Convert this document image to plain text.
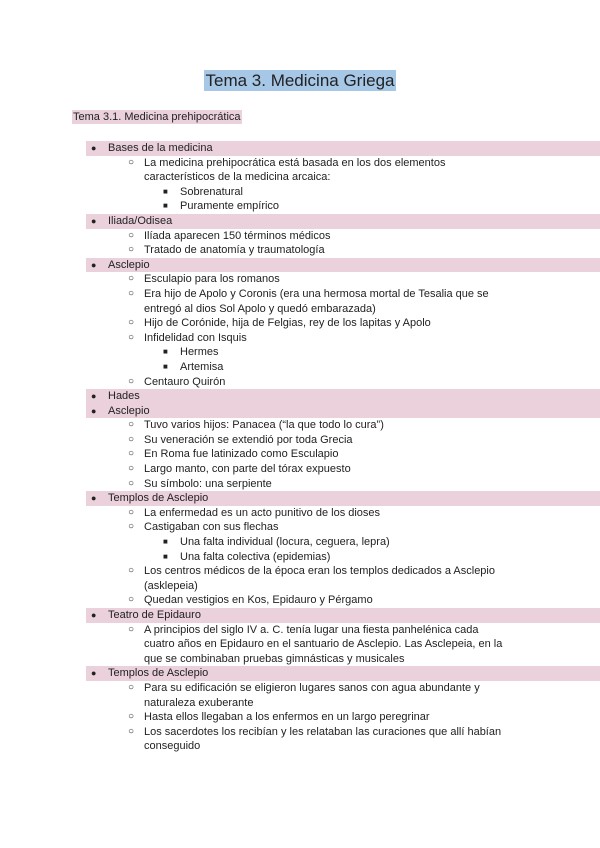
Tema 3. Medicina Griega
Tema 3.1. Medicina prehipocrática
● Bases de la medicina
○ La medicina prehipocrática está basada en los dos elementos característicos de la medicina arcaica:
■ Sobrenatural
■ Puramente empírico
● Iliada/Odisea
○ Ilíada aparecen 150 términos médicos
○ Tratado de anatomía y traumatología
● Asclepio
○ Esculapio para los romanos
○ Era hijo de Apolo y Coronis (era una hermosa mortal de Tesalia que se entregó al dios Sol Apolo y quedó embarazada)
○ Hijo de Corónide, hija de Felgias, rey de los lapitas y Apolo
○ Infidelidad con Isquis
■ Hermes
■ Artemisa
○ Centauro Quirón
● Hades
● Asclepio
○ Tuvo varios hijos: Panacea (“la que todo lo cura”)
○ Su veneración se extendió por toda Grecia
○ En Roma fue latinizado como Esculapio
○ Largo manto, con parte del tórax expuesto
○ Su símbolo: una serpiente
● Templos de Asclepio
○ La enfermedad es un acto punitivo de los dioses
○ Castigaban con sus flechas
■ Una falta individual (locura, ceguera, lepra)
■ Una falta colectiva (epidemias)
○ Los centros médicos de la época eran los templos dedicados a Asclepio (asklepeia)
○ Quedan vestigios en Kos, Epidauro y Pérgamo
● Teatro de Epidauro
○ A principios del siglo IV a. C. tenía lugar una fiesta panhelénica cada cuatro años en Epidauro en el santuario de Asclepio. Las Asclepeia, en la que se combinaban pruebas gimnásticas y musicales
● Templos de Asclepio
○ Para su edificación se eligieron lugares sanos con agua abundante y naturaleza exuberante
○ Hasta ellos llegaban a los enfermos en un largo peregrinar
○ Los sacerdotes los recibían y les relataban las curaciones que allí habían conseguido
